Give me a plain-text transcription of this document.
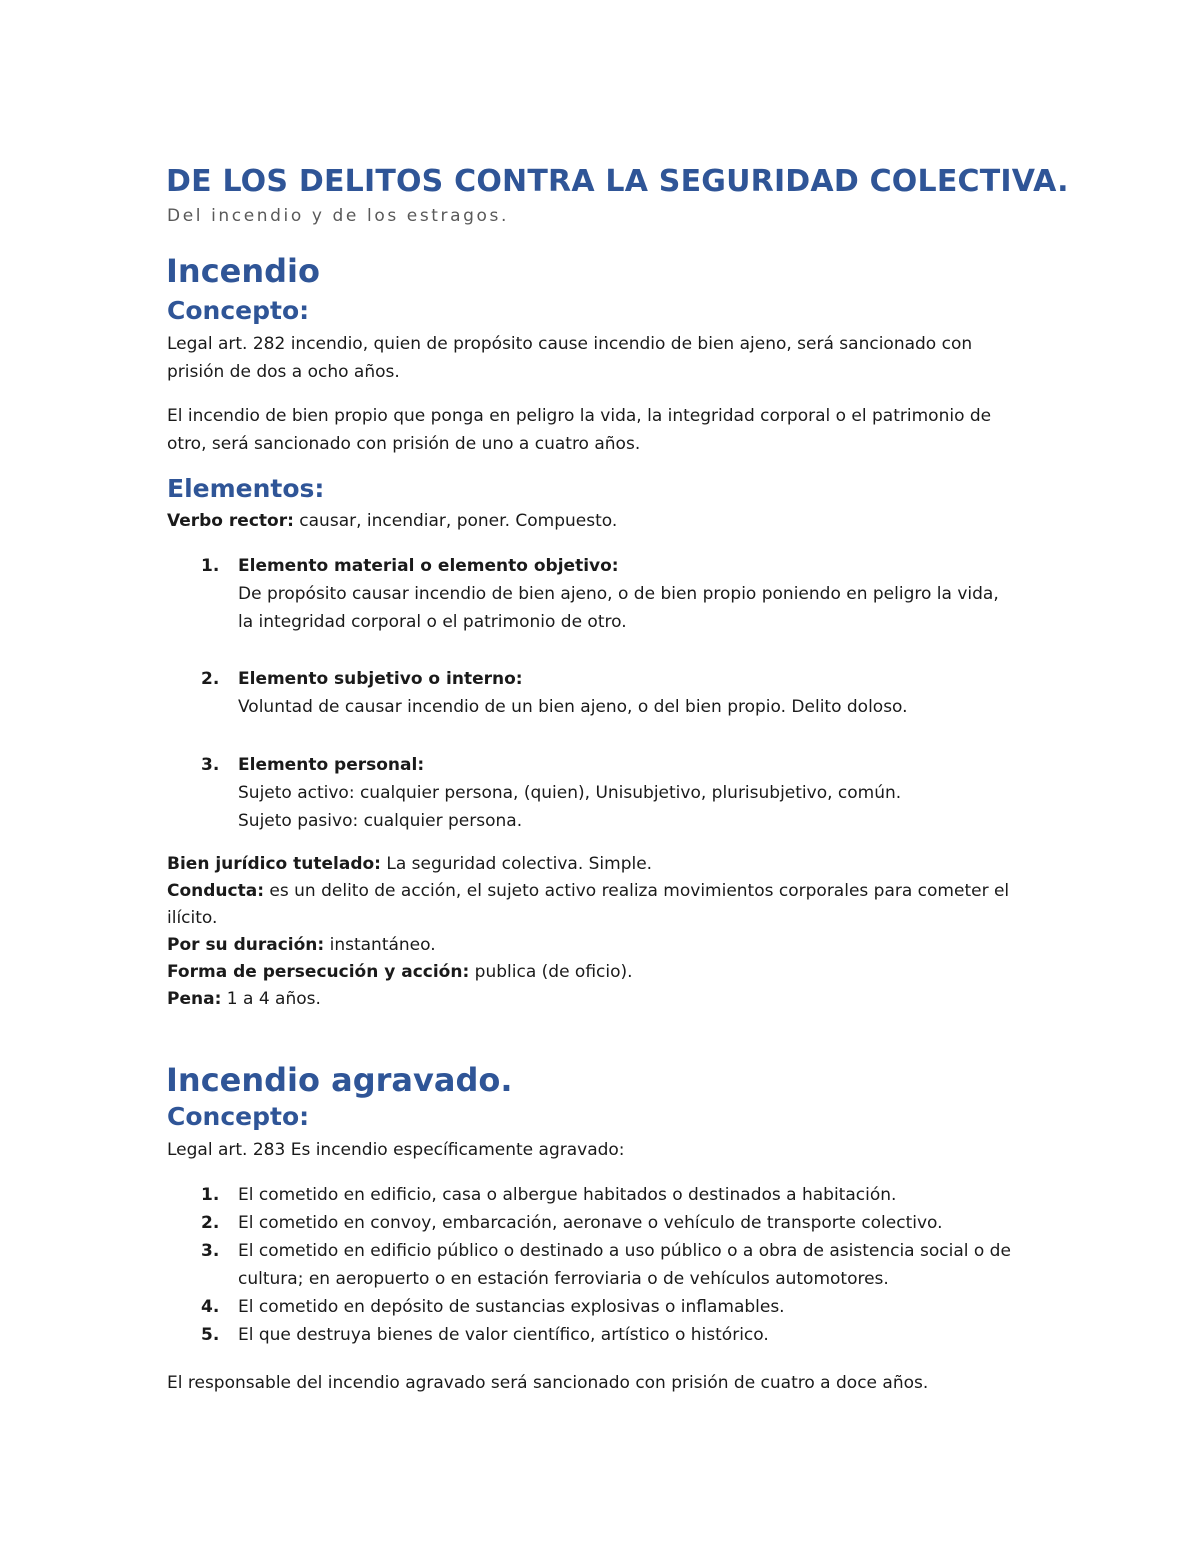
DE LOS DELITOS CONTRA LA SEGURIDAD COLECTIVA.
Del incendio y de los estragos.
Incendio
Concepto:
Legal art. 282 incendio, quien de propósito cause incendio de bien ajeno, será sancionado con
prisión de dos a ocho años.
El incendio de bien propio que ponga en peligro la vida, la integridad corporal o el patrimonio de
otro, será sancionado con prisión de uno a cuatro años.
Elementos:
Verbo rector: causar, incendiar, poner. Compuesto.
1. Elemento material o elemento objetivo:
De propósito causar incendio de bien ajeno, o de bien propio poniendo en peligro la vida,
la integridad corporal o el patrimonio de otro.
2. Elemento subjetivo o interno:
Voluntad de causar incendio de un bien ajeno, o del bien propio. Delito doloso.
3. Elemento personal:
Sujeto activo: cualquier persona, (quien), Unisubjetivo, plurisubjetivo, común.
Sujeto pasivo: cualquier persona.
Bien jurídico tutelado: La seguridad colectiva. Simple.
Conducta: es un delito de acción, el sujeto activo realiza movimientos corporales para cometer el
ilícito.
Por su duración: instantáneo.
Forma de persecución y acción: publica (de oficio).
Pena: 1 a 4 años.
Incendio agravado.
Concepto:
Legal art. 283 Es incendio específicamente agravado:
1. El cometido en edificio, casa o albergue habitados o destinados a habitación.
2. El cometido en convoy, embarcación, aeronave o vehículo de transporte colectivo.
3. El cometido en edificio público o destinado a uso público o a obra de asistencia social o de
cultura; en aeropuerto o en estación ferroviaria o de vehículos automotores.
4. El cometido en depósito de sustancias explosivas o inflamables.
5. El que destruya bienes de valor científico, artístico o histórico.
El responsable del incendio agravado será sancionado con prisión de cuatro a doce años.
